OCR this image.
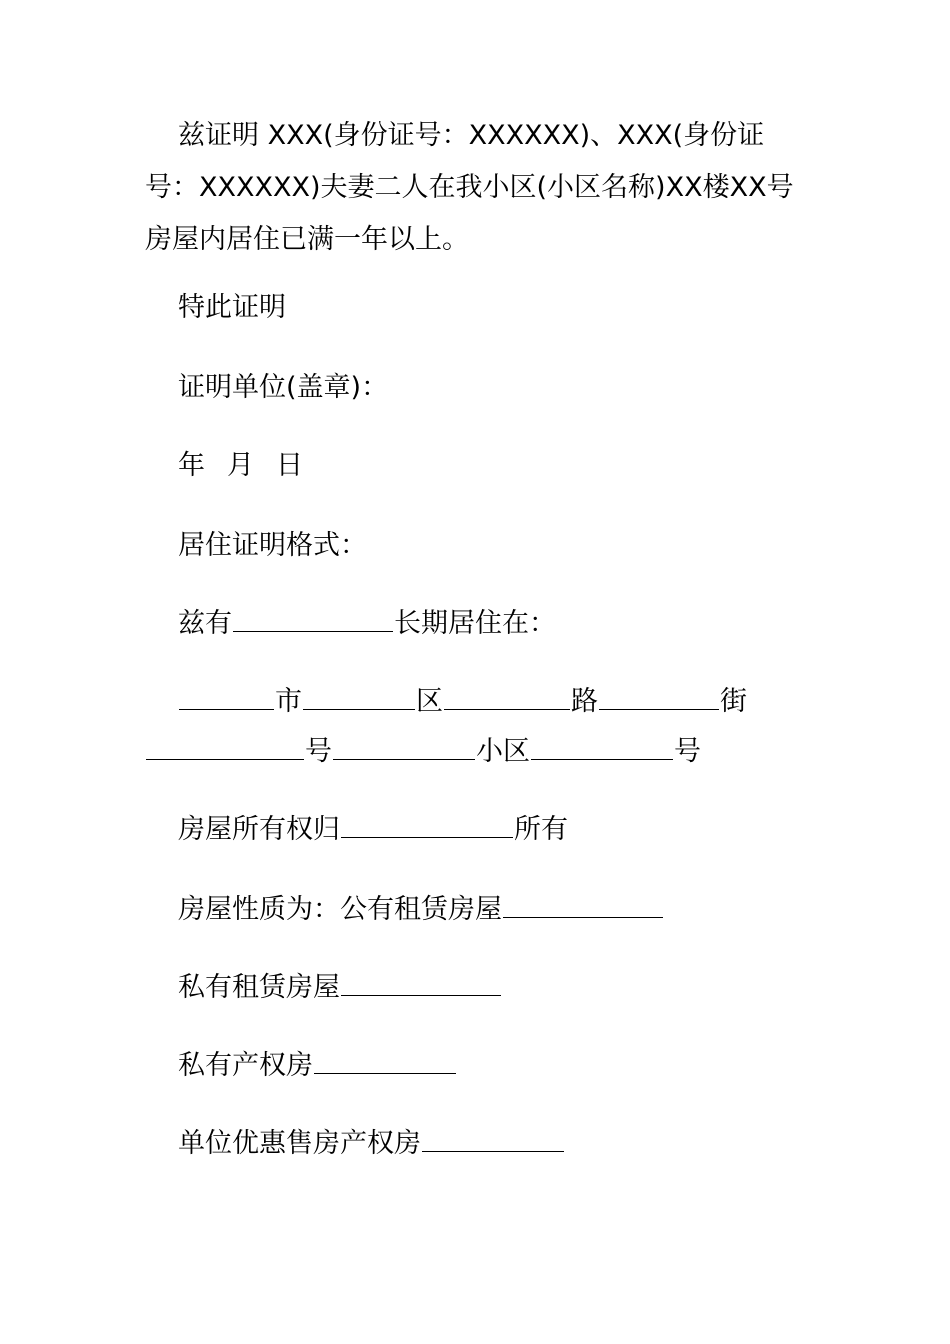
兹证明 XXX(身份证号：XXXXXX)、XXX(身份证号：XXXXXX)夫妻二人在我小区(小区名称)XX楼XX号房屋内居住已满一年以上。

特此证明
证明单位(盖章)：
年 月 日
居住证明格式：
兹有	长期居住在：
市	区	路	街
号	小区	号
房屋所有权归	所有
房屋性质为：公有租赁房屋
私有租赁房屋
私有产权房
单位优惠售房产权房
